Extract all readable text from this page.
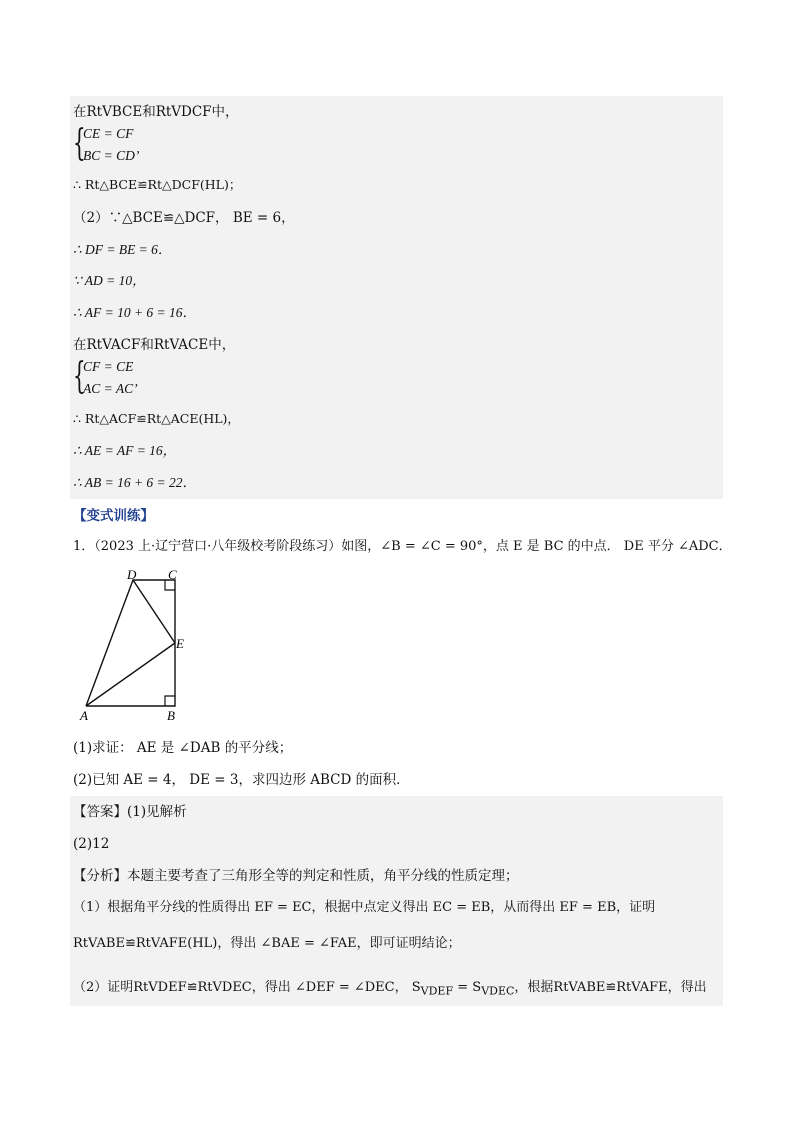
在RtVBCE和RtVDCF中，
{
CE = CF
BC = CD’
∴ Rt△BCE≌Rt△DCF(HL)；
（2）∵△BCE≌△DCF， BE = 6，
∴ DF = BE = 6．
∵ AD = 10，
∴ AF = 10 + 6 = 16．
在RtVACF和RtVACE中，
{
CF = CE
AC = AC’
∴ Rt△ACF≌Rt△ACE(HL)，
∴ AE = AF = 16，
∴ AB = 16 + 6 = 22．
【变式训练】
1．（2023 上·辽宁营口·八年级校考阶段练习）如图，∠B = ∠C = 90°，点 E 是 BC 的中点． DE 平分 ∠ADC．
D C
E
A	B
(1)求证： AE 是 ∠DAB 的平分线；
(2)已知 AE = 4， DE = 3，求四边形 ABCD 的面积．
【答案】(1)见解析
(2)12
【分析】本题主要考查了三角形全等的判定和性质，角平分线的性质定理；
（1）根据角平分线的性质得出 EF = EC，根据中点定义得出 EC = EB，从而得出 EF = EB，证明
RtVABE≌RtVAFE(HL)，得出 ∠BAE = ∠FAE，即可证明结论；
（2）证明RtVDEF≌RtVDEC，得出 ∠DEF = ∠DEC， $S_{VDEF} = S_{VDEC}$，根据RtVABE≌RtVAFE，得出
